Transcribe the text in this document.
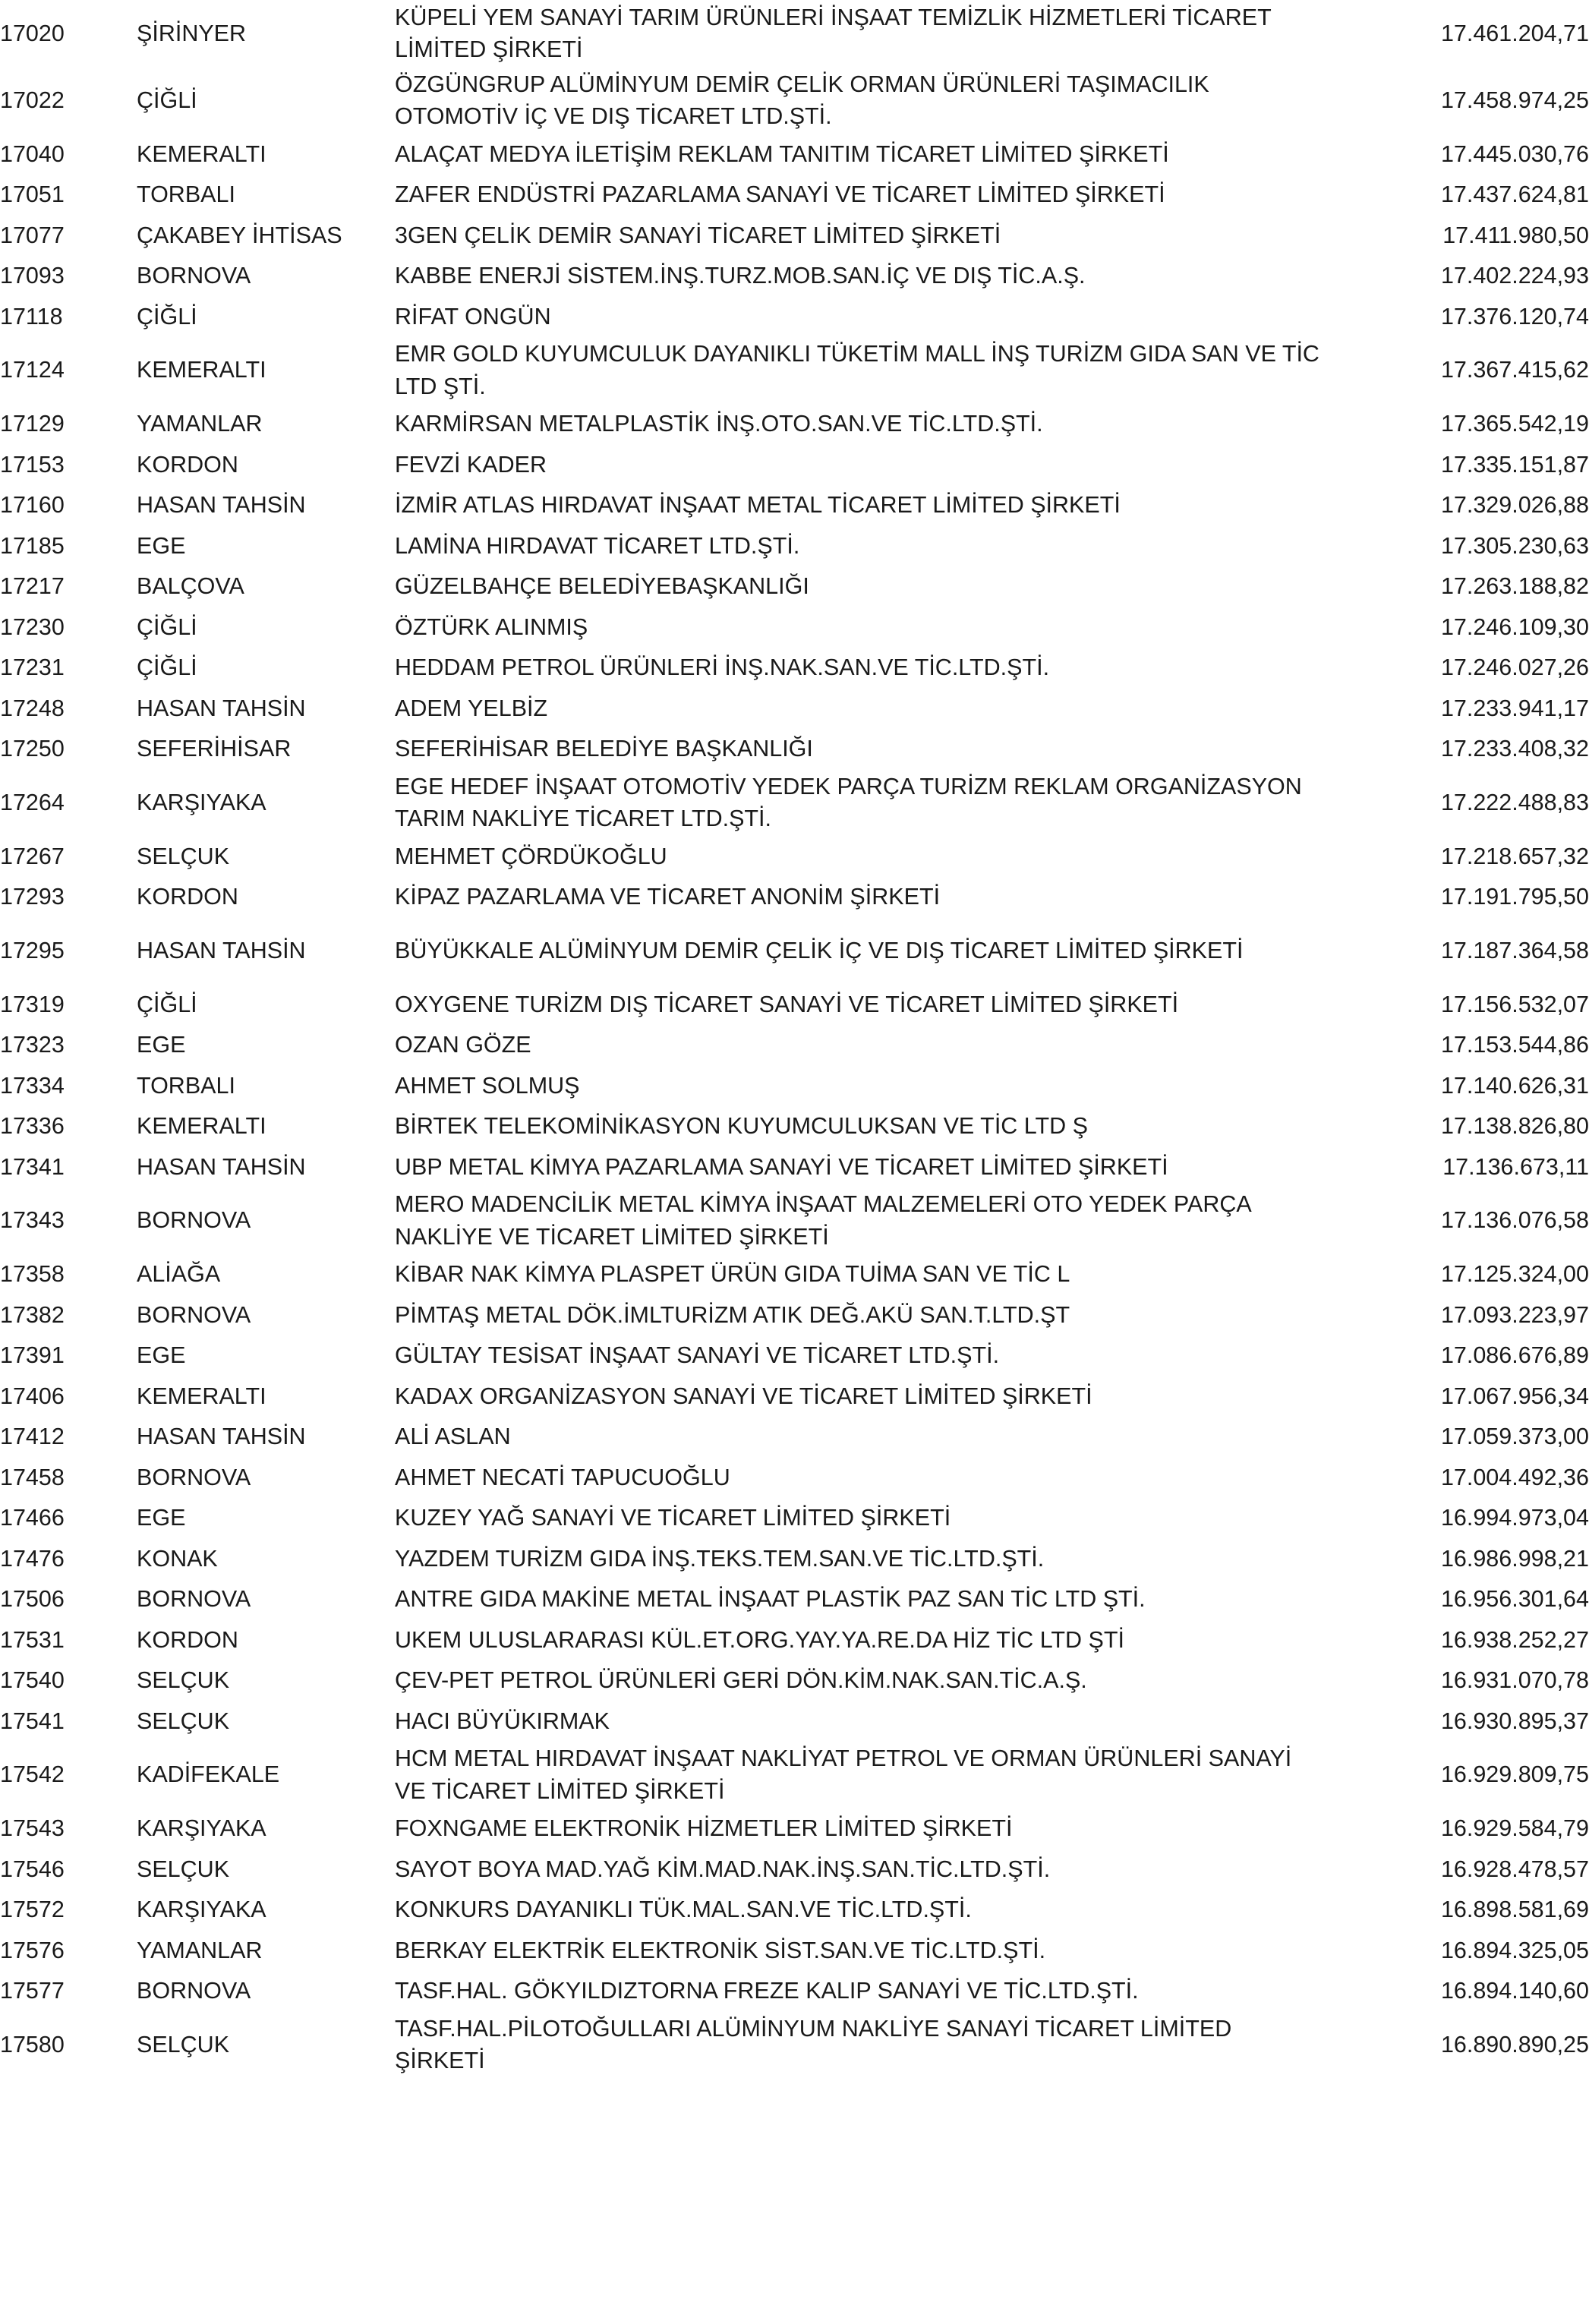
17020	ŞİRİNYER	KÜPELİ YEM SANAYİ TARIM ÜRÜNLERİ İNŞAAT TEMİZLİK HİZMETLERİ TİCARET LİMİTED ŞİRKETİ	17.461.204,71
17022	ÇİĞLİ	ÖZGÜNGRUP ALÜMİNYUM DEMİR ÇELİK ORMAN ÜRÜNLERİ TAŞIMACILIK OTOMOTİV İÇ VE DIŞ TİCARET LTD.ŞTİ.	17.458.974,25
17040	KEMERALTI	ALAÇAT MEDYA İLETİŞİM REKLAM TANITIM TİCARET LİMİTED ŞİRKETİ	17.445.030,76
17051	TORBALI	ZAFER ENDÜSTRİ PAZARLAMA SANAYİ VE TİCARET LİMİTED ŞİRKETİ	17.437.624,81
17077	ÇAKABEY İHTİSAS	3GEN ÇELİK DEMİR SANAYİ TİCARET LİMİTED ŞİRKETİ	17.411.980,50
17093	BORNOVA	KABBE ENERJİ SİSTEM.İNŞ.TURZ.MOB.SAN.İÇ VE DIŞ TİC.A.Ş.	17.402.224,93
17118	ÇİĞLİ	RİFAT ONGÜN	17.376.120,74
17124	KEMERALTI	EMR GOLD KUYUMCULUK DAYANIKLI TÜKETİM MALL İNŞ TURİZM GIDA SAN VE TİC LTD ŞTİ.	17.367.415,62
17129	YAMANLAR	KARMİRSAN METALPLASTİK İNŞ.OTO.SAN.VE TİC.LTD.ŞTİ.	17.365.542,19
17153	KORDON	FEVZİ KADER	17.335.151,87
17160	HASAN TAHSİN	İZMİR ATLAS HIRDAVAT İNŞAAT METAL TİCARET LİMİTED ŞİRKETİ	17.329.026,88
17185	EGE	LAMİNA HIRDAVAT TİCARET LTD.ŞTİ.	17.305.230,63
17217	BALÇOVA	GÜZELBAHÇE BELEDİYEBAŞKANLIĞI	17.263.188,82
17230	ÇİĞLİ	ÖZTÜRK ALINMIŞ	17.246.109,30
17231	ÇİĞLİ	HEDDAM PETROL ÜRÜNLERİ İNŞ.NAK.SAN.VE TİC.LTD.ŞTİ.	17.246.027,26
17248	HASAN TAHSİN	ADEM YELBİZ	17.233.941,17
17250	SEFERİHİSAR	SEFERİHİSAR BELEDİYE BAŞKANLIĞI	17.233.408,32
17264	KARŞIYAKA	EGE HEDEF İNŞAAT OTOMOTİV YEDEK PARÇA TURİZM REKLAM ORGANİZASYON TARIM NAKLİYE TİCARET LTD.ŞTİ.	17.222.488,83
17267	SELÇUK	MEHMET ÇÖRDÜKOĞLU	17.218.657,32
17293	KORDON	KİPAZ PAZARLAMA VE TİCARET ANONİM ŞİRKETİ	17.191.795,50
17295	HASAN TAHSİN	BÜYÜKKALE ALÜMİNYUM DEMİR ÇELİK İÇ VE DIŞ TİCARET LİMİTED ŞİRKETİ	17.187.364,58
17319	ÇİĞLİ	OXYGENE TURİZM DIŞ TİCARET SANAYİ VE TİCARET LİMİTED ŞİRKETİ	17.156.532,07
17323	EGE	OZAN GÖZE	17.153.544,86
17334	TORBALI	AHMET SOLMUŞ	17.140.626,31
17336	KEMERALTI	BİRTEK TELEKOMİNİKASYON KUYUMCULUKSAN VE TİC LTD Ş	17.138.826,80
17341	HASAN TAHSİN	UBP METAL KİMYA PAZARLAMA SANAYİ VE TİCARET LİMİTED ŞİRKETİ	17.136.673,11
17343	BORNOVA	MERO MADENCİLİK METAL KİMYA İNŞAAT MALZEMELERİ OTO YEDEK PARÇA NAKLİYE VE TİCARET LİMİTED ŞİRKETİ	17.136.076,58
17358	ALİAĞA	KİBAR NAK KİMYA PLASPET ÜRÜN GIDA TUİMA SAN VE TİC L	17.125.324,00
17382	BORNOVA	PİMTAŞ METAL DÖK.İMLTURİZM ATIK DEĞ.AKÜ SAN.T.LTD.ŞT	17.093.223,97
17391	EGE	GÜLTAY TESİSAT İNŞAAT SANAYİ VE TİCARET LTD.ŞTİ.	17.086.676,89
17406	KEMERALTI	KADAX ORGANİZASYON SANAYİ VE TİCARET LİMİTED ŞİRKETİ	17.067.956,34
17412	HASAN TAHSİN	ALİ ASLAN	17.059.373,00
17458	BORNOVA	AHMET NECATİ TAPUCUOĞLU	17.004.492,36
17466	EGE	KUZEY YAĞ SANAYİ VE TİCARET LİMİTED ŞİRKETİ	16.994.973,04
17476	KONAK	YAZDEM TURİZM GIDA İNŞ.TEKS.TEM.SAN.VE TİC.LTD.ŞTİ.	16.986.998,21
17506	BORNOVA	ANTRE GIDA MAKİNE METAL İNŞAAT PLASTİK PAZ SAN TİC LTD ŞTİ.	16.956.301,64
17531	KORDON	UKEM ULUSLARARASI KÜL.ET.ORG.YAY.YA.RE.DA HİZ TİC LTD ŞTİ	16.938.252,27
17540	SELÇUK	ÇEV-PET PETROL ÜRÜNLERİ GERİ DÖN.KİM.NAK.SAN.TİC.A.Ş.	16.931.070,78
17541	SELÇUK	HACI BÜYÜKIRMAK	16.930.895,37
17542	KADİFEKALE	HCM METAL HIRDAVAT İNŞAAT NAKLİYAT PETROL VE ORMAN ÜRÜNLERİ SANAYİ VE TİCARET LİMİTED ŞİRKETİ	16.929.809,75
17543	KARŞIYAKA	FOXNGAME ELEKTRONİK HİZMETLER LİMİTED ŞİRKETİ	16.929.584,79
17546	SELÇUK	SAYOT BOYA MAD.YAĞ KİM.MAD.NAK.İNŞ.SAN.TİC.LTD.ŞTİ.	16.928.478,57
17572	KARŞIYAKA	KONKURS DAYANIKLI TÜK.MAL.SAN.VE TİC.LTD.ŞTİ.	16.898.581,69
17576	YAMANLAR	BERKAY ELEKTRİK ELEKTRONİK SİST.SAN.VE TİC.LTD.ŞTİ.	16.894.325,05
17577	BORNOVA	TASF.HAL. GÖKYILDIZTORNA FREZE KALIP SANAYİ VE TİC.LTD.ŞTİ.	16.894.140,60
17580	SELÇUK	TASF.HAL.PİLOTOĞULLARI ALÜMİNYUM NAKLİYE SANAYİ TİCARET LİMİTED ŞİRKETİ	16.890.890,25
